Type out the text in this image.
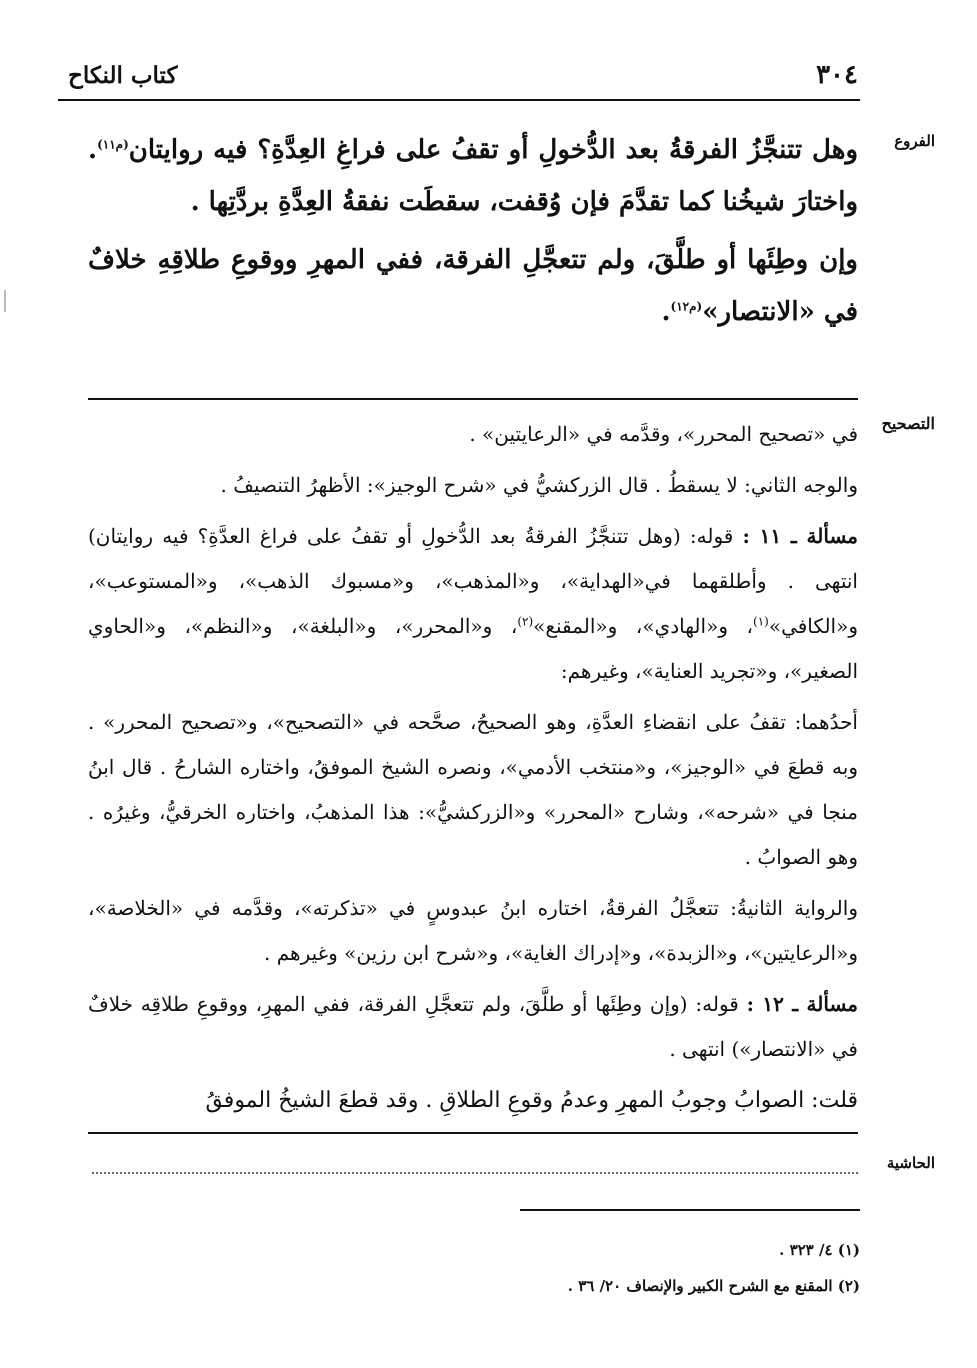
٣٠٤
كتاب النكاح
الفروع

وهل تتنجَّزُ الفرقةُ بعد الدُّخولِ أو تقفُ على فراغِ العِدَّةِ؟ فيه روايتان$^{(م١١)}$. واختارَ شيخُنا كما تقدَّمَ فإن وُقفت، سقطَت نفقةُ العِدَّةِ بردَّتِها .

وإن وطِئَها أو طلَّقَ، ولم تتعجَّلِ الفرقة، ففي المهرِ ووقوعِ طلاقِهِ خلافٌ في «الانتصار»$^{(م١٢)}$.

التصحيح

في «تصحيح المحرر»، وقدَّمه في «الرعايتين» .

والوجه الثاني: لا يسقطُ . قال الزركشيُّ في «شرح الوجيز»: الأظهرُ التنصيفُ .

مسألة ـ ١١ : قوله: (وهل تتنجَّزُ الفرقةُ بعد الدُّخولِ أو تقفُ على فراغ العدَّةِ؟ فيه روايتان) انتهى . وأطلقهما في«الهداية»، و«المذهب»، و«مسبوك الذهب»، و«المستوعب»، و«الكافي»$^{(١)}$، و«الهادي»، و«المقنع»$^{(٢)}$، و«المحرر»، و«البلغة»، و«النظم»، و«الحاوي الصغير»، و«تجريد العناية»، وغيرهم:

أحدُهما: تقفُ على انقضاءِ العدَّةِ، وهو الصحيحُ، صحَّحه في «التصحيح»، و«تصحيح المحرر» . وبه قطعَ في «الوجيز»، و«منتخب الأدمي»، ونصره الشيخ الموفقُ، واختاره الشارحُ . قال ابنُ منجا في «شرحه»، وشارح «المحرر» و«الزركشيُّ»: هذا المذهبُ، واختاره الخرقيُّ، وغيرُه . وهو الصوابُ .

والرواية الثانيةُ: تتعجَّلُ الفرقةُ، اختاره ابنُ عبدوسٍ في «تذكرته»، وقدَّمه في «الخلاصة»، و«الرعايتين»، و«الزبدة»، و«إدراك الغاية»، و«شرح ابن رزين» وغيرهم .

مسألة ـ ١٢ : قوله: (وإن وطِئَها أو طلَّقَ، ولم تتعجَّلِ الفرقة، ففي المهرِ، ووقوعِ طلاقِه خلافٌ في «الانتصار») انتهى .

قلت: الصوابُ وجوبُ المهرِ وعدمُ وقوعِ الطلاقِ . وقد قطعَ الشيخُ الموفقُ

الحاشية

(١) ٤/ ٣٢٣ .

(٢) المقنع مع الشرح الكبير والإنصاف ٢٠/ ٣٦ .
